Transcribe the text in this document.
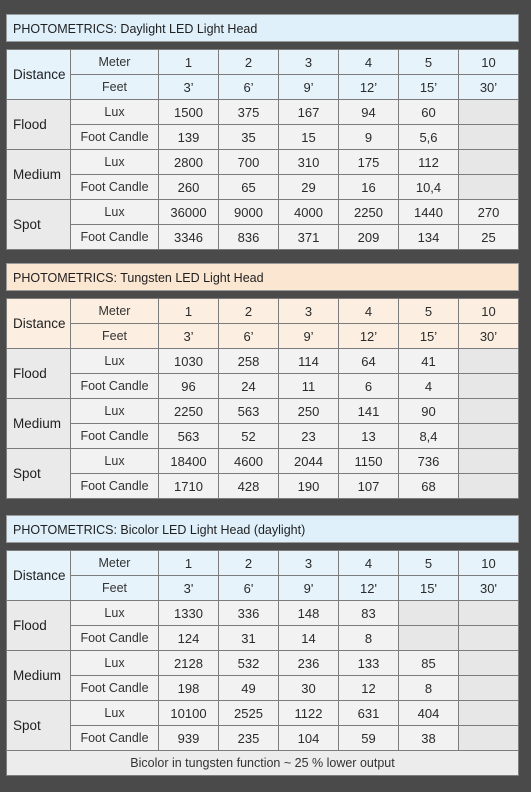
PHOTOMETRICS: Daylight LED Light Head
Distance	Meter	1	2	3	4	5	10
	Feet	3’	6’	9’	12’	15’	30’
Flood	Lux	1500	375	167	94	60	
	Foot Candle	139	35	15	9	5,6	
Medium	Lux	2800	700	310	175	112	
	Foot Candle	260	65	29	16	10,4	
Spot	Lux	36000	9000	4000	2250	1440	270
	Foot Candle	3346	836	371	209	134	25
PHOTOMETRICS: Tungsten LED Light Head
Distance	Meter	1	2	3	4	5	10
	Feet	3’	6’	9’	12’	15’	30’
Flood	Lux	1030	258	114	64	41	
	Foot Candle	96	24	11	6	4	
Medium	Lux	2250	563	250	141	90	
	Foot Candle	563	52	23	13	8,4	
Spot	Lux	18400	4600	2044	1150	736	
	Foot Candle	1710	428	190	107	68	
PHOTOMETRICS: Bicolor LED Light Head (daylight)
Distance	Meter	1	2	3	4	5	10
	Feet	3'	6'	9'	12'	15'	30'
Flood	Lux	1330	336	148	83		
	Foot Candle	124	31	14	8		
Medium	Lux	2128	532	236	133	85	
	Foot Candle	198	49	30	12	8	
Spot	Lux	10100	2525	1122	631	404	
	Foot Candle	939	235	104	59	38	
Bicolor in tungsten function ~ 25 % lower output							
